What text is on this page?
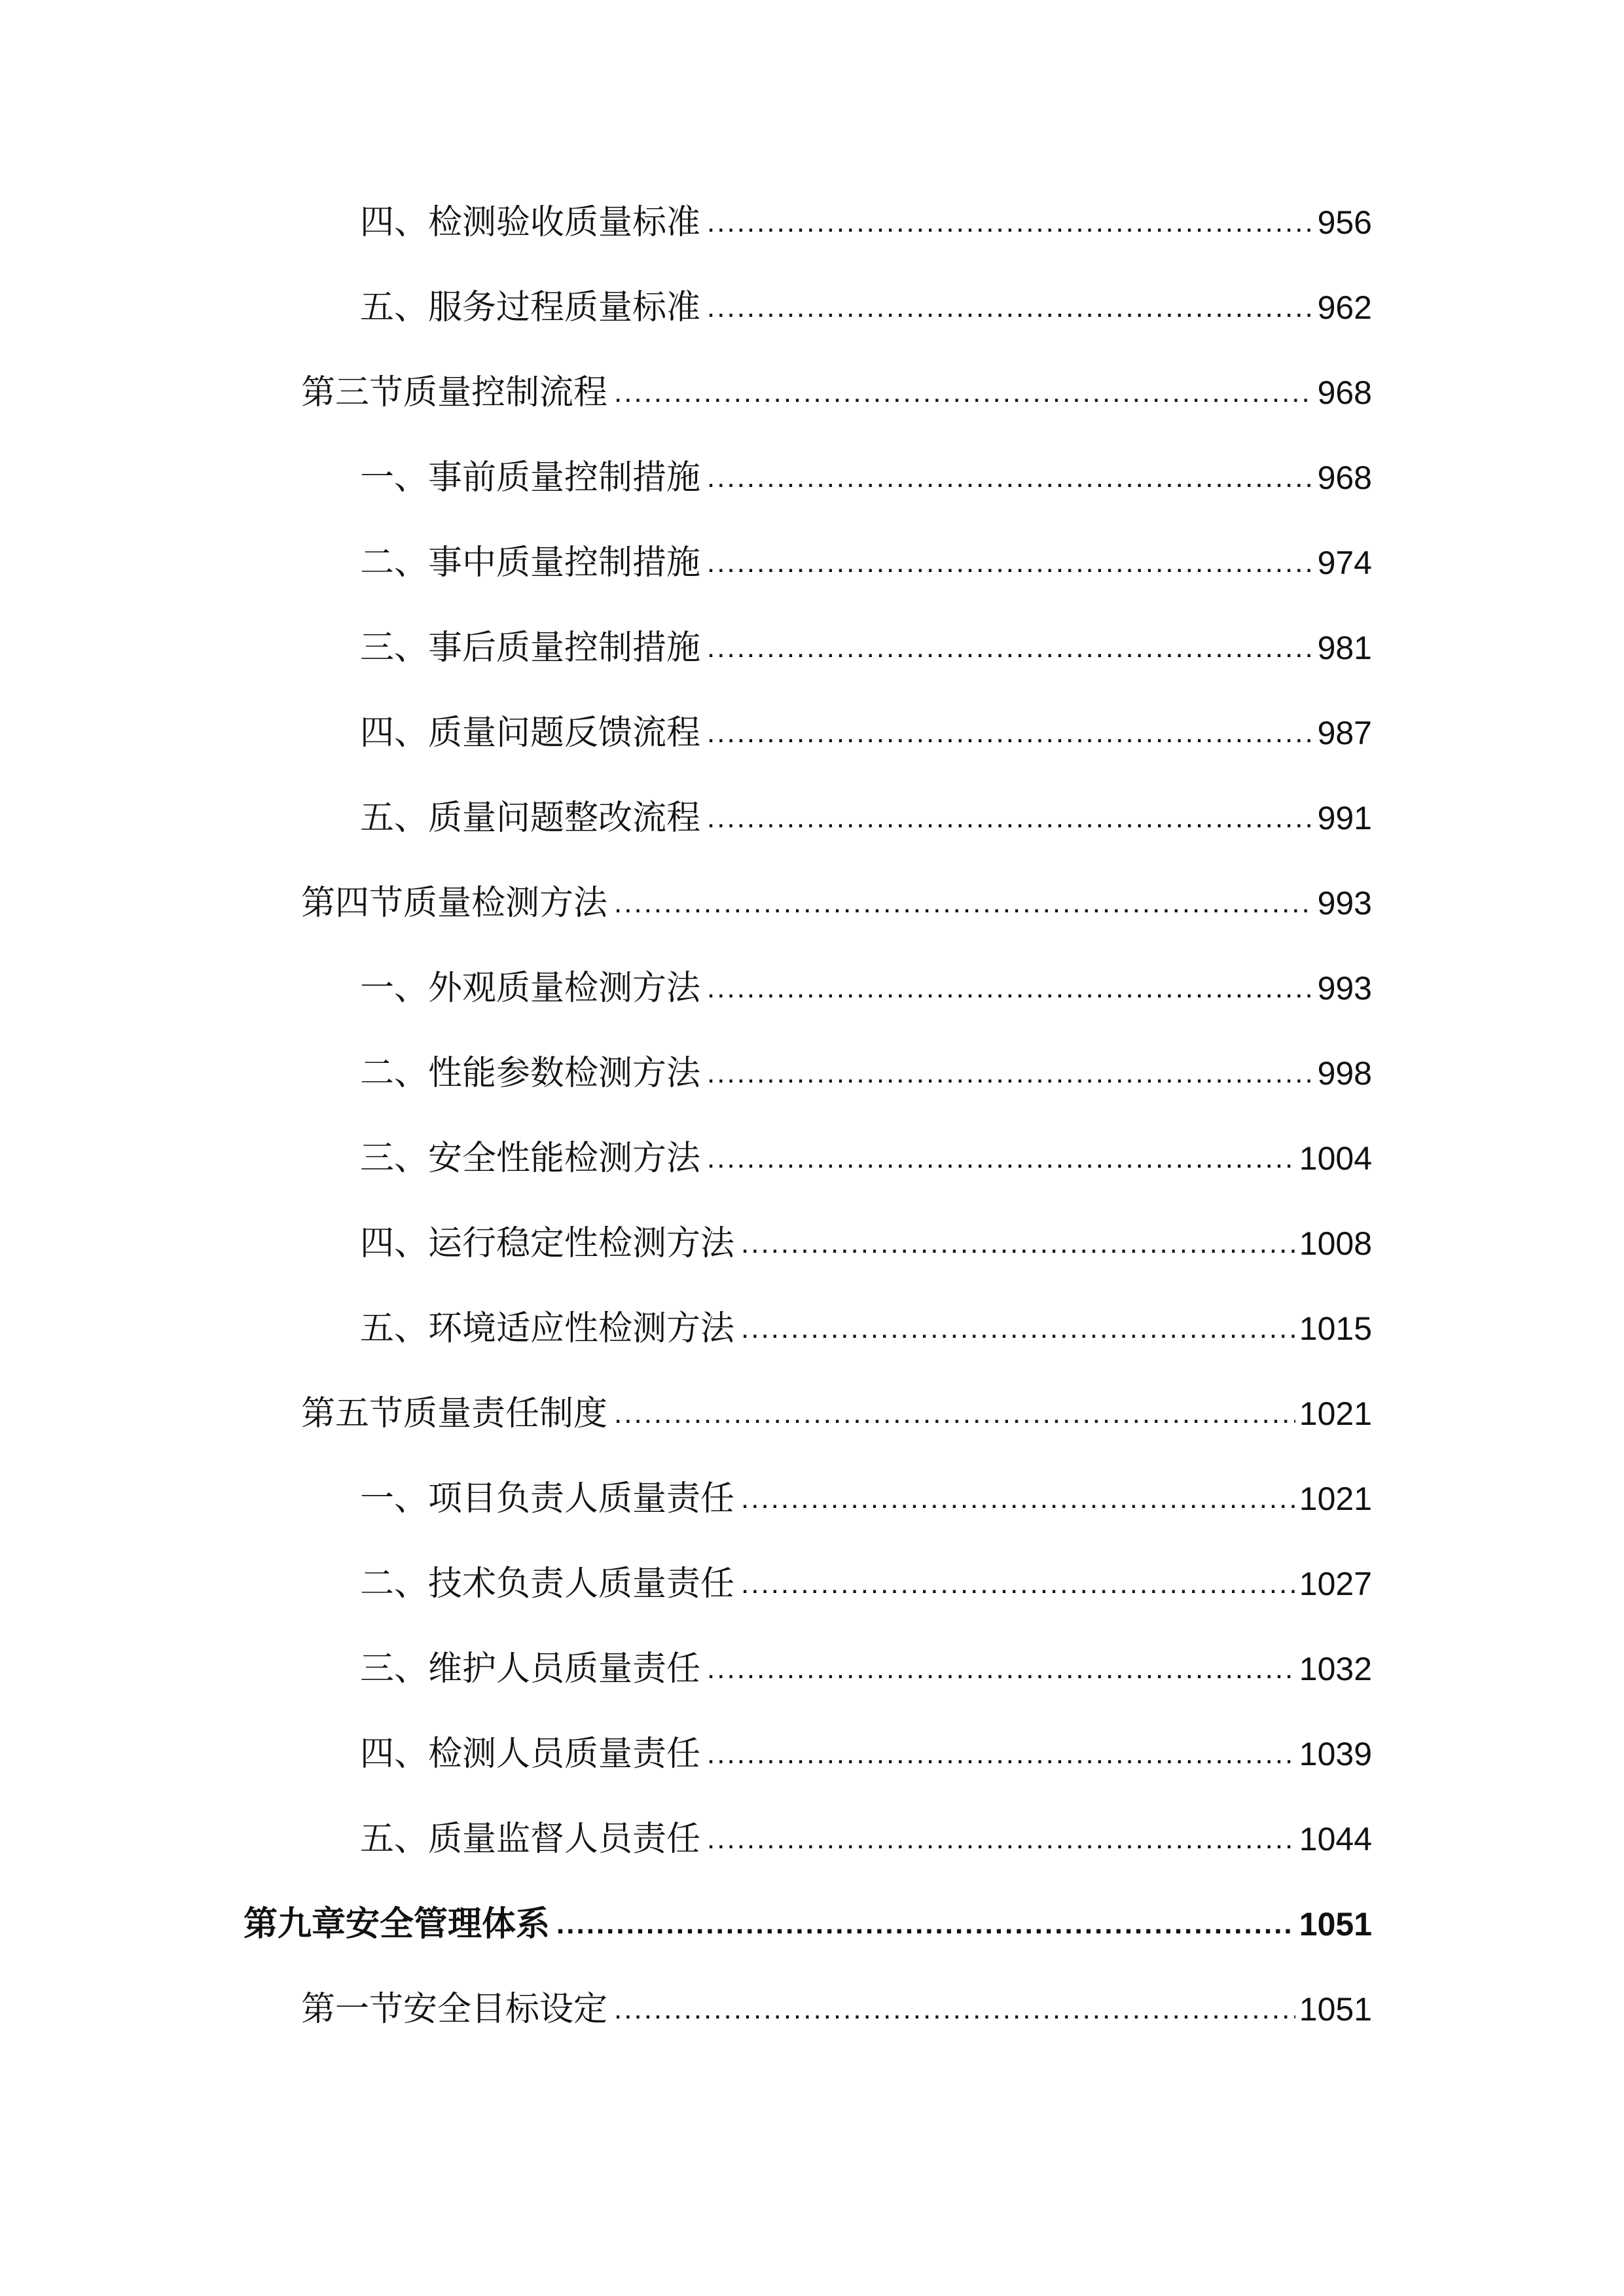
四、检测验收质量标准 .....	956
五、服务过程质量标准 .....	962
第三节质量控制流程 .....	968
一、事前质量控制措施 .....	968
二、事中质量控制措施 .....	974
三、事后质量控制措施 .....	981
四、质量问题反馈流程 .....	987
五、质量问题整改流程 .....	991
第四节质量检测方法 .....	993
一、外观质量检测方法 .....	993
二、性能参数检测方法 .....	998
三、安全性能检测方法 .....	1004
四、运行稳定性检测方法 .....	1008
五、环境适应性检测方法 .....	1015
第五节质量责任制度 .....	1021
一、项目负责人质量责任 .....	1021
二、技术负责人质量责任 .....	1027
三、维护人员质量责任 .....	1032
四、检测人员质量责任 .....	1039
五、质量监督人员责任 .....	1044
第九章安全管理体系 .....	1051
第一节安全目标设定 .....	1051
